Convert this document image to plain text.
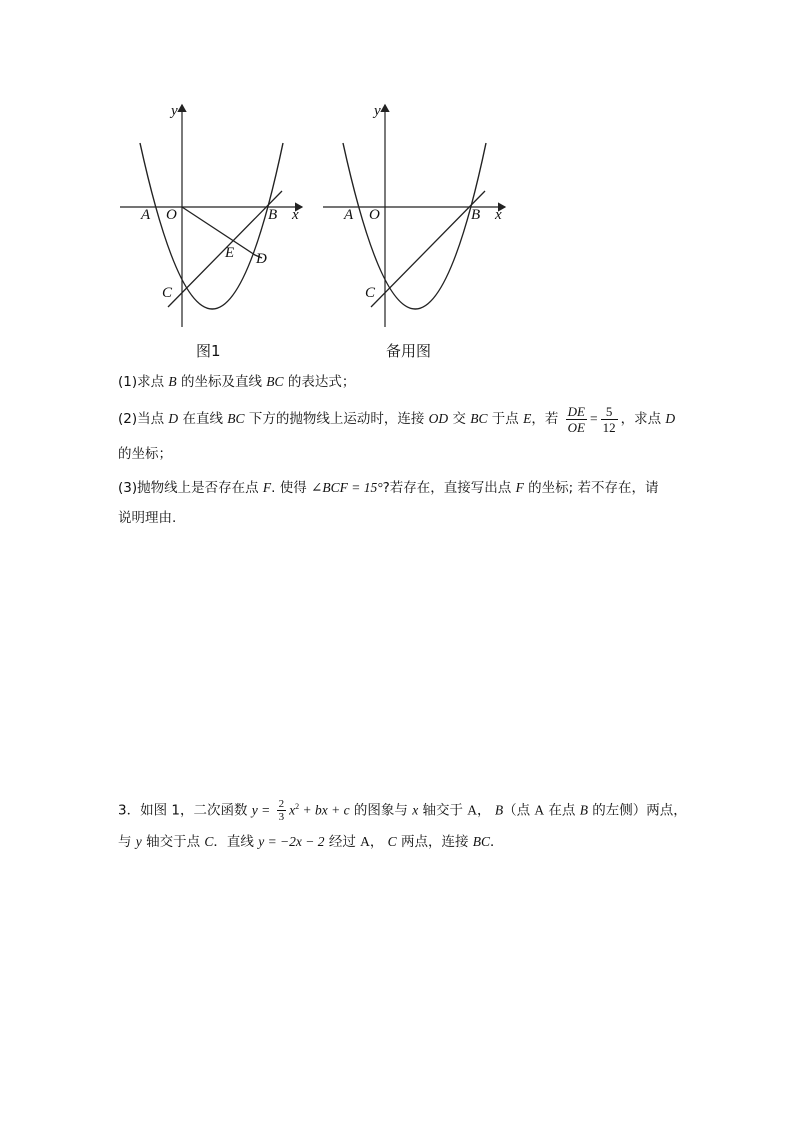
y
x
A O	B
C
E D
图1
y
x
A O	B
C
备用图
(1)求点 B 的坐标及直线 BC 的表达式；
(2)当点 D 在直线 BC 下方的抛物线上运动时，连接 OD 交 BC 于点 E，若 $\frac{DE}{OE} = \frac{5}{12}$ ，求点 D
的坐标；
(3)抛物线上是否存在点 F. 使得 ∠BCF = 15°?若存在，直接写出点 F 的坐标; 若不存在，请
说明理由.
3．如图 1，二次函数 $y = \frac{2}{3} x^2$ + bx + c 的图象与 x 轴交于 A， B（点 A 在点 B 的左侧）两点，
与 y 轴交于点 C．直线 y = −2x − 2 经过 A， C 两点，连接 BC．
